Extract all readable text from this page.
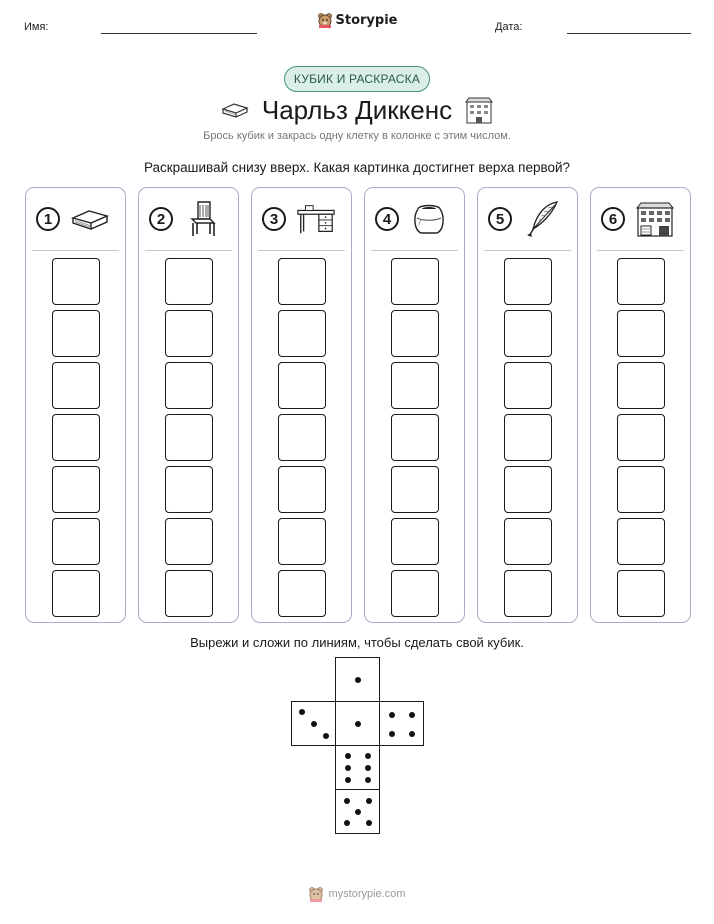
Имя:	Дата:
Storypie
КУБИК И РАСКРАСКА
Чарльз Диккенс
Брось кубик и закрась одну клетку в колонке с этим числом.
Раскрашивай снизу вверх. Какая картинка достигнет верха первой?
1	2	3	4	5	6
Вырежи и сложи по линиям, чтобы сделать свой кубик.
mystorypie.com
